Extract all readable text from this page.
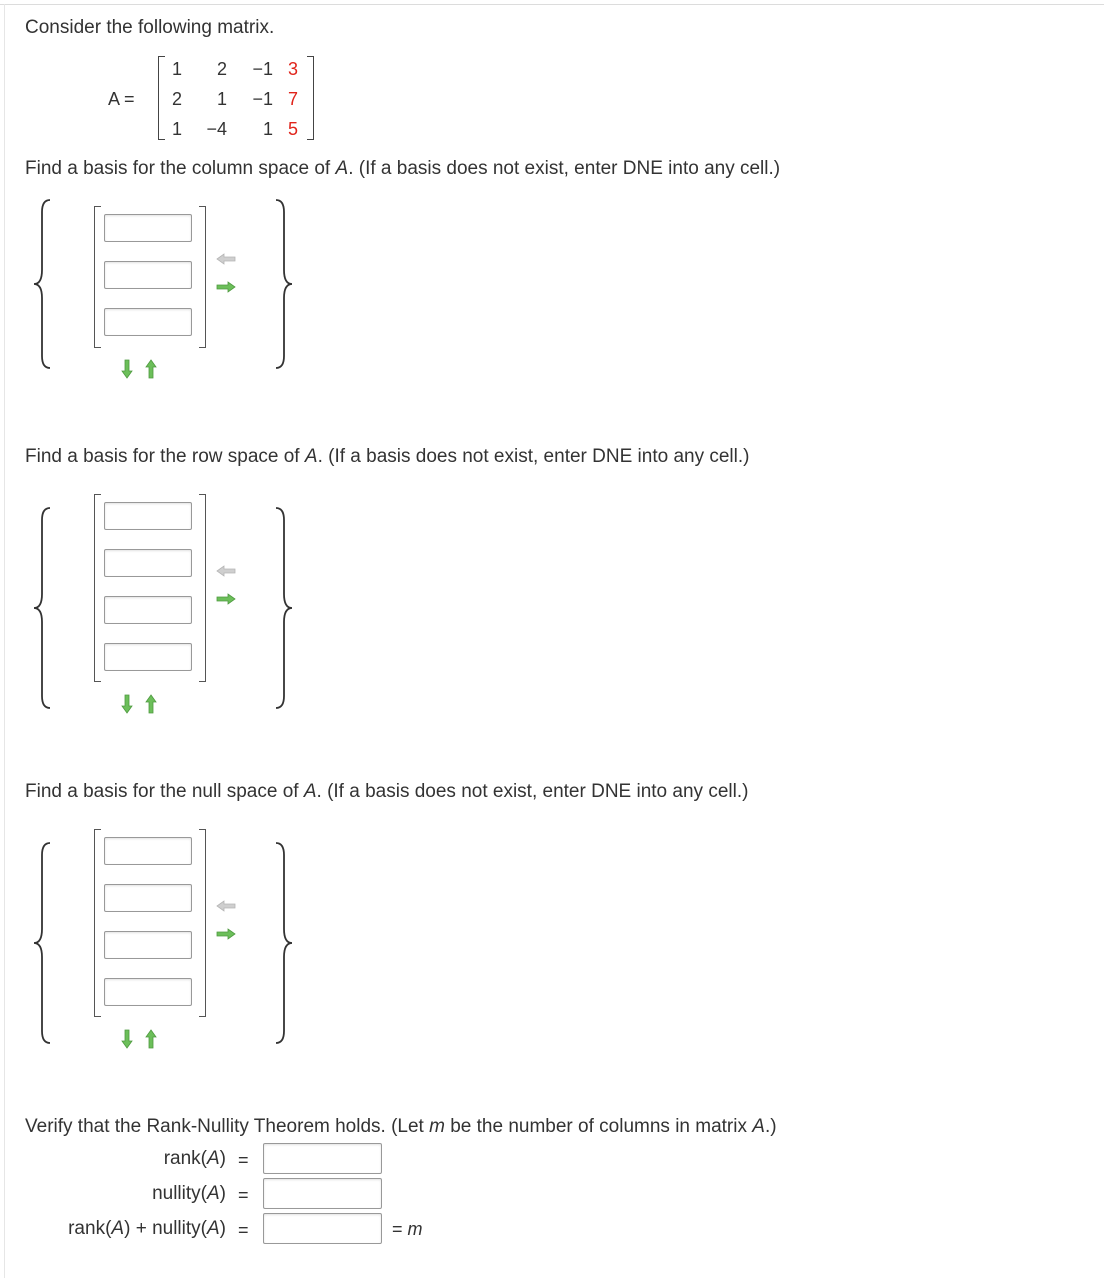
Consider the following matrix.
A =
1	2	−1 3
2	1	−1 7
1	−4	1 5
Find a basis for the column space of A. (If a basis does not exist, enter DNE into any cell.)
Find a basis for the row space of A. (If a basis does not exist, enter DNE into any cell.)
Find a basis for the null space of A. (If a basis does not exist, enter DNE into any cell.)
Verify that the Rank-Nullity Theorem holds. (Let m be the number of columns in matrix A.)
rank(A) =
nullity(A) =
rank(A) + nullity(A) =	= m
